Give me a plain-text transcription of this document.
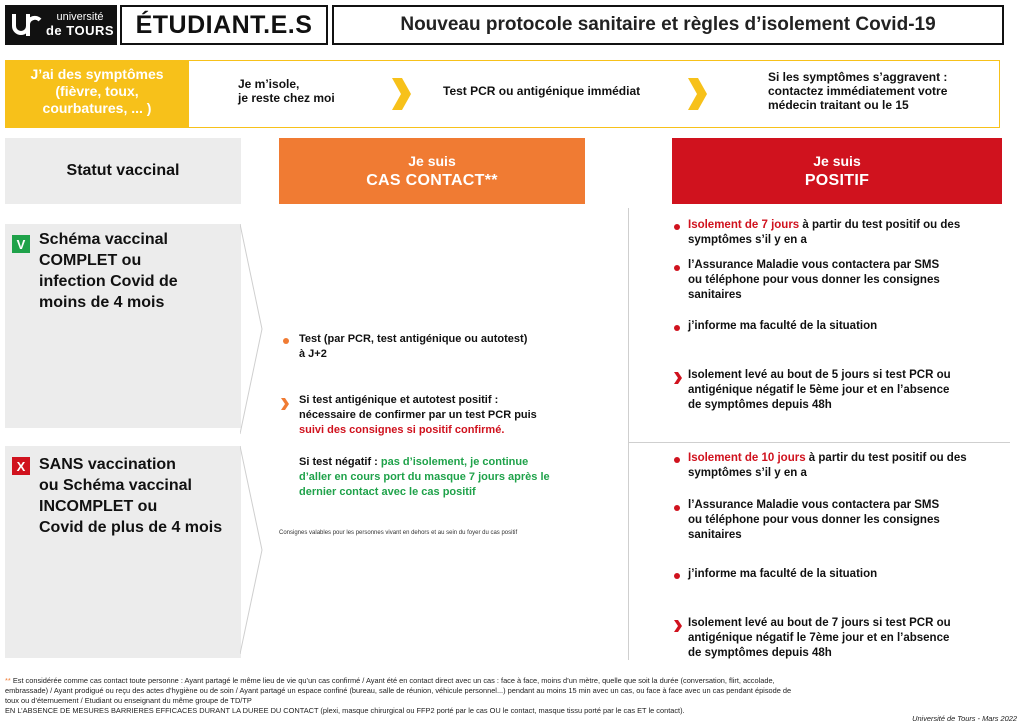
université
de TOURS ÉTUDIANT.E.S	Nouveau protocole sanitaire et règles d’isolement Covid-19
J’ai des symptômes
(fièvre, toux,
courbatures, ... )
Je m’isole,
je reste chez moi	Test PCR ou antigénique immédiat
Si les symptômes s’aggravent :
contactez immédiatement votre
médecin traitant ou le 15
Statut vaccinal
Je suis
CAS CONTACT**
Je suis
POSITIF
V Schéma vaccinal
COMPLET ou
infection Covid de
moins de 4 mois
X SANS vaccination
ou Schéma vaccinal
INCOMPLET ou
Covid de plus de 4 mois
Test (par PCR, test antigénique ou autotest)
à J+2
Si test antigénique et autotest positif :
nécessaire de confirmer par un test PCR puis
suivi des consignes si positif confirmé.
Si test négatif : pas d’isolement, je continue
d’aller en cours port du masque 7 jours après le
dernier contact avec le cas positif
Consignes valables pour les personnes vivant en dehors et au sein du foyer du cas positif
Isolement de 7 jours à partir du test positif ou des
symptômes s’il y en a
l’Assurance Maladie vous contactera par SMS
ou téléphone pour vous donner les consignes
sanitaires
j’informe ma faculté de la situation
Isolement levé au bout de 5 jours si test PCR ou
antigénique négatif le 5ème jour et en l’absence
de symptômes depuis 48h
Isolement de 10 jours à partir du test positif ou des
symptômes s’il y en a
l’Assurance Maladie vous contactera par SMS
ou téléphone pour vous donner les consignes
sanitaires
j’informe ma faculté de la situation
Isolement levé au bout de 7 jours si test PCR ou
antigénique négatif le 7ème jour et en l’absence
de symptômes depuis 48h
** Est considérée comme cas contact toute personne : Ayant partagé le même lieu de vie qu’un cas confirmé / Ayant été en contact direct avec un cas : face à face, moins d’un mètre, quelle que soit la durée (conversation, flirt, accolade,
embrassade) / Ayant prodigué ou reçu des actes d’hygiène ou de soin / Ayant partagé un espace confiné (bureau, salle de réunion, véhicule personnel...) pendant au moins 15 min avec un cas, ou face à face avec un cas pendant épisode de
toux ou d’éternuement / Etudiant ou enseignant du même groupe de TD/TP
EN L’ABSENCE DE MESURES BARRIERES EFFICACES DURANT LA DUREE DU CONTACT (plexi, masque chirurgical ou FFP2 porté par le cas OU le contact, masque tissu porté par le cas ET le contact).
Université de Tours - Mars 2022
